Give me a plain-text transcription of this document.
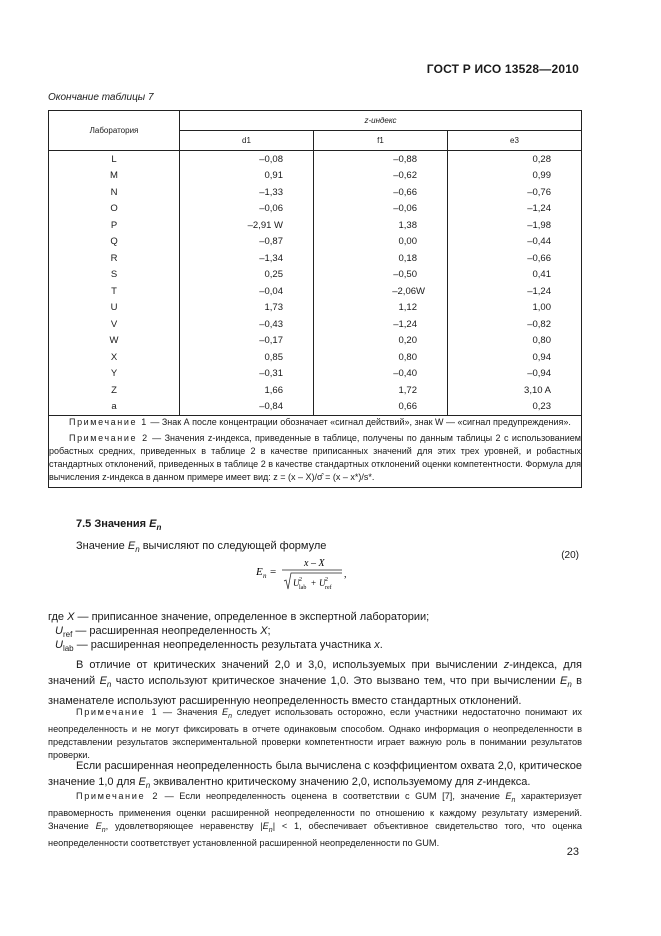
ГОСТ Р ИСО 13528—2010
Окончание таблицы 7
Лаборатория	z-индекс		
	d1	f1	e3
L	–0,08	–0,88	0,28
M	0,91	–0,62	0,99
N	–1,33	–0,66	–0,76
O	–0,06	–0,06	–1,24
P	–2,91 W	1,38	–1,98
Q	–0,87	0,00	–0,44
R	–1,34	0,18	–0,66
S	0,25	–0,50	0,41
T	–0,04	–2,06W	–1,24
U	1,73	1,12	1,00
V	–0,43	–1,24	–0,82
W	–0,17	0,20	0,80
X	0,85	0,80	0,94
Y	–0,31	–0,40	–0,94
Z	1,66	1,72	3,10 A
a	–0,84	0,66	0,23

Примечание 1 — Знак А после концентрации обозначает «сигнал действий», знак W — «сигнал предупреждения».

Примечание 2 — Значения z-индекса, приведенные в таблице, получены по данным таблицы 2 с использованием робастных средних, приведенных в таблице 2 в качестве приписанных значений для этих трех уровней, и робастных стандартных отклонений, приведенных в таблице 2 в качестве стандартных отклонений оценки компетентности. Формула для вычисления z-индекса в данном примере имеет вид: z = (x – X)/σ̂ = (x – x*)/s*.			

7.5 Значения $E_n$
Значение $E_n$ вычисляют по следующей формуле
(20)
E n =
x – X
U 2
lab + U 2
ref
,
где X — приписанное значение, определенное в экспертной лаборатории;
$U_{ref}$ — расширенная неопределенность X;
$U_{lab}$ — расширенная неопределенность результата участника x.
В отличие от критических значений 2,0 и 3,0, используемых при вычислении z-индекса, для значений $E_n$ часто используют критическое значение 1,0. Это вызвано тем, что при вычислении $E_n$ в знаменателе используют расширенную неопределенность вместо стандартных отклонений.
Примечание 1 — Значения $E_n$ следует использовать осторожно, если участники недостаточно понимают их неопределенность и не могут фиксировать в отчете одинаковым способом. Однако информация о неопределенности в представлении результатов экспериментальной проверки компетентности играет важную роль в понимании результатов проверки.
Если расширенная неопределенность была вычислена с коэффициентом охвата 2,0, критическое значение 1,0 для $E_n$ эквивалентно критическому значению 2,0, используемому для z-индекса.
Примечание 2 — Если неопределенность оценена в соответствии с GUM [7], значение $E_n$ характеризует правомерность применения оценки расширенной неопределенности по отношению к каждому результату измерений. Значение $E_n$, удовлетворяющее неравенству $|E_n| < 1$, обеспечивает объективное свидетельство того, что оценка неопределенности соответствует установленной расширенной неопределенности по GUM.
23
